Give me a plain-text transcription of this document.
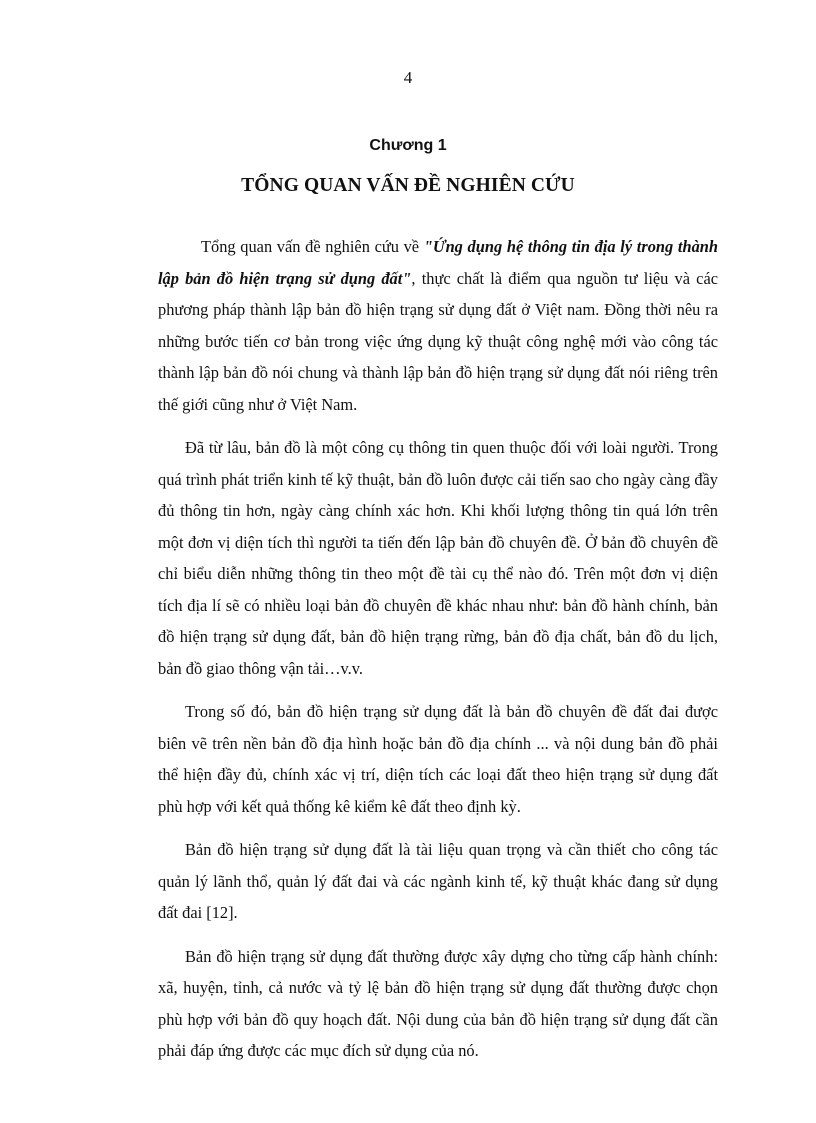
4
Chương 1
TỔNG QUAN VẤN ĐỀ NGHIÊN CỨU

Tổng quan vấn đề nghiên cứu về "Ứng dụng hệ thông tin địa lý trong thành lập bản đồ hiện trạng sử dụng đất", thực chất là điểm qua nguồn tư liệu và các phương pháp thành lập bản đồ hiện trạng sử dụng đất ở Việt nam. Đồng thời nêu ra những bước tiến cơ bản trong việc ứng dụng kỹ thuật công nghệ mới vào công tác thành lập bản đồ nói chung và thành lập bản đồ hiện trạng sử dụng đất nói riêng trên thế giới cũng như ở Việt Nam.

Đã từ lâu, bản đồ là một công cụ thông tin quen thuộc đối với loài người. Trong quá trình phát triển kinh tế kỹ thuật, bản đồ luôn được cải tiến sao cho ngày càng đầy đủ thông tin hơn, ngày càng chính xác hơn. Khi khối lượng thông tin quá lớn trên một đơn vị diện tích thì người ta tiến đến lập bản đồ chuyên đề. Ở bản đồ chuyên đề chỉ biểu diễn những thông tin theo một đề tài cụ thể nào đó. Trên một đơn vị diện tích địa lí sẽ có nhiều loại bản đồ chuyên đề khác nhau như: bản đồ hành chính, bản đồ hiện trạng sử dụng đất, bản đồ hiện trạng rừng, bản đồ địa chất, bản đồ du lịch, bản đồ giao thông vận tải…v.v.

Trong số đó, bản đồ hiện trạng sử dụng đất là bản đồ chuyên đề đất đai được biên vẽ trên nền bản đồ địa hình hoặc bản đồ địa chính ... và nội dung bản đồ phải thể hiện đầy đủ, chính xác vị trí, diện tích các loại đất theo hiện trạng sử dụng đất phù hợp với kết quả thống kê kiểm kê đất theo định kỳ.

Bản đồ hiện trạng sử dụng đất là tài liệu quan trọng và cần thiết cho công tác quản lý lãnh thổ, quản lý đất đai và các ngành kinh tế, kỹ thuật khác đang sử dụng đất đai [12].

Bản đồ hiện trạng sử dụng đất thường được xây dựng cho từng cấp hành chính: xã, huyện, tỉnh, cả nước và tỷ lệ bản đồ hiện trạng sử dụng đất thường được chọn phù hợp với bản đồ quy hoạch đất. Nội dung của bản đồ hiện trạng sử dụng đất cần phải đáp ứng được các mục đích sử dụng của nó.
